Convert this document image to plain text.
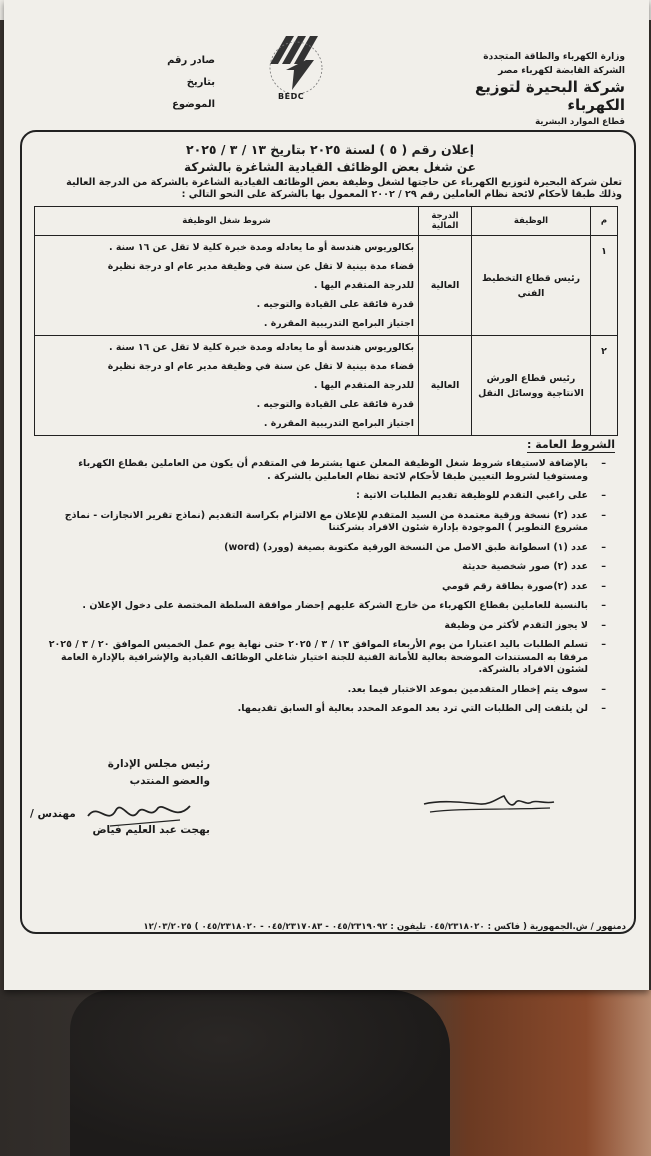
وزارة الكهرباء والطاقة المتجددة
الشركة القابضة لكهرباء مصر
شركة البحيرة لتوزيع الكهرباء
قطاع الموارد البشرية
BEDC
صادر رقم
بتاريخ
الموضوع
إعلان رقم ( ٥ ) لسنة ٢٠٢٥ بتاريخ ١٣ / ٣ / ٢٠٢٥
عن شغل بعض الوظائف القيادية الشاغرة بالشركة
تعلن شركة البحيرة لتوزيع الكهرباء عن حاجتها لشغل وظيفة بعض الوظائف القيادية الشاغرة بالشركة من الدرجة العالية
وذلك طبقا لأحكام لائحة نظام العاملين رقم ٢٩ / ٢٠٠٢ المعمول بها بالشركة على النحو التالي :
م	الوظيفة	الدرجة المالية	شروط شغل الوظيفة
١	رئيس قطاع التخطيط الفني	العالية	بكالوريوس هندسة أو ما يعادله ومدة خبرة كلية لا تقل عن ١٦ سنة .
قضاء مدة بينية لا تقل عن سنة في وظيفة مدير عام او درجة نظيرة
للدرجة المتقدم اليها .
قدرة فائقة على القيادة والتوجيه .
اجتياز البرامج التدريبية المقررة .

٢	رئيس قطاع الورش الانتاجية ووسائل النقل	العالية	بكالوريوس هندسة أو ما يعادله ومدة خبرة كلية لا تقل عن ١٦ سنة .
قضاء مدة بينية لا تقل عن سنة في وظيفة مدير عام او درجة نظيرة
للدرجة المتقدم اليها .
قدرة فائقة على القيادة والتوجيه .
اجتياز البرامج التدريبية المقررة .
الشروط العامة :
– بالإضافة لاستيفاء شروط شغل الوظيفة المعلن عنها يشترط في المتقدم أن يكون من العاملين بقطاع الكهرباء ومستوفيا لشروط التعيين طبقا لأحكام لائحة نظام العاملين بالشركة .
– على راغبي التقدم للوظيفة تقديم الطلبات الاتية :
– عدد (٢) نسخة ورقية معتمدة من السيد المتقدم للإعلان مع الالتزام بكراسة التقديم (نماذج تقرير الانجازات - نماذج مشروع التطوير ) الموجودة بإدارة شئون الافراد بشركتنا
– عدد (١) اسطوانة طبق الاصل من النسخة الورقية مكتوبة بصيغة (وورد) (word)
– عدد (٢) صور شخصية حديثة
– عدد (٢)صورة بطاقة رقم قومي
– بالنسبة للعاملين بقطاع الكهرباء من خارج الشركة عليهم إحضار موافقة السلطة المختصة على دخول الإعلان .
– لا يجوز التقدم لأكثر من وظيفة
– تسلم الطلبات باليد اعتبارا من يوم الأربعاء الموافق ١٣ / ٣ / ٢٠٢٥ حتى نهاية يوم عمل الخميس الموافق ٢٠ / ٣ / ٢٠٢٥ مرفقا به المستندات الموضحة بعالية للأمانة الفنية للجنة اختيار شاغلي الوظائف القيادية والإشرافية بالإدارة العامة لشئون الافراد بالشركة.
– سوف يتم إخطار المتقدمين بموعد الاختبار فيما بعد.
– لن يلتفت إلى الطلبات التي ترد بعد الموعد المحدد بعالية أو السابق تقديمها.
رئيس مجلس الإدارة
والعضو المنتدب
مهندس /
بهجت عبد العليم فياض
دمنهور / ش.الجمهورية ( فاكس : ٠٤٥/٢٣١٨٠٢٠ تليفون : ٠٤٥/٢٣١٩٠٩٢ - ٠٤٥/٢٣١٧٠٨٣ - ٠٤٥/٢٣١٨٠٢٠ ) ١٢/٠٣/٢٠٢٥
